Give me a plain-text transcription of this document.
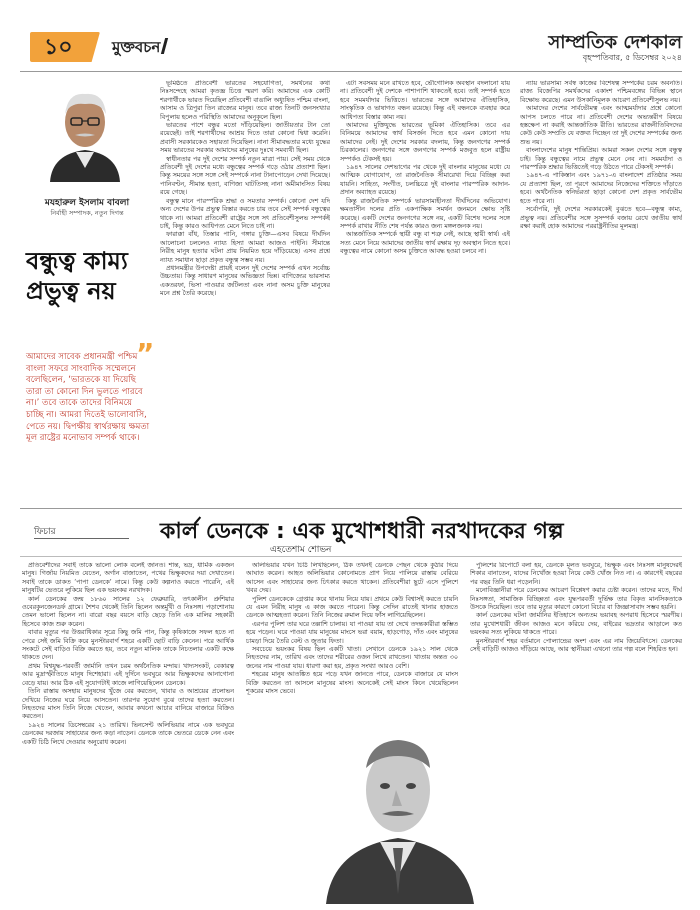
১০	মুক্তবচন	সাম্প্রতিক দেশকাল
বৃহস্পতিবার, ৫ ডিসেম্বর ২০২৪
মযহারুল ইসলাম বাবলা
নির্বাহী সম্পাদক, নতুন দিগন্ত
বন্ধুত্ব কাম্য প্রভুত্ব নয়
”
আমাদের সাবেক প্রধানমন্ত্রী পশ্চিম বাংলা সফরে সাংবাদিক সম্মেলনে বলেছিলেন, ‘ভারতকে যা দিয়েছি তারা তা কোনো দিন ভুলতে পারবে না।’ তবে তাকে তাদের বিনিময়ে চাচ্ছি না। আমরা দিতেই ভালোবাসি, পেতে নয়। দ্বিপক্ষীয় স্বার্থরক্ষায় ক্ষমতা মূল রাষ্ট্রের মনোভাব সম্পর্ক থাকে।

ভূমিষ্ঠতে প্রতিবেশী ভারতের সহযোগিতা, সমর্থনের কথা নিঃসন্দেহে আমরা কৃতজ্ঞ চিত্তে স্মরণ করি। আমাদের এক কোটি শরণার্থীকে ভারত দিয়েছিল প্রতিবেশী বাঙালি অধ্যুষিত পশ্চিম বাংলা, আসাম ও ত্রিপুরা তিন রাজ্যের মানুষ। তবে রাজ্য তিনটি জনসংখ্যার বিপুলায় হলেও পরিস্থিতি আমাদের অনুকূলে ছিল।

ভারতের পাশে বন্ধুর মতো দাঁড়িয়েছিল। জাতীয়তার টান তো রয়েছেই। তাই শরণার্থীদের আশ্রয় দিতে তারা কোনো দ্বিধা করেনি। প্রবাসী সরকারকেও সহায়তা দিয়েছিল। নানা সীমাবদ্ধতার মধ্যে যুদ্ধের সময় ভারতের সরকার আমাদের মানুষের দুঃখে সমব্যথী ছিল।

স্বাধীনতার পর দুই দেশের সম্পর্ক নতুন মাত্রা পায়। সেই সময় থেকে প্রতিবেশী দুই দেশের মধ্যে বন্ধুত্বের সম্পর্ক গড়ে ওঠার প্রত্যাশা ছিল। কিন্তু সময়ের সঙ্গে সঙ্গে সেই সম্পর্কে নানা টানাপোড়েন দেখা দিয়েছে। পানিবণ্টন, সীমান্ত হত্যা, বাণিজ্য ঘাটতিসহ নানা অমীমাংসিত বিষয় রয়ে গেছে।

বন্ধুত্ব মানে পারস্পরিক শ্রদ্ধা ও সমতার সম্পর্ক। কোনো দেশ যদি অন্য দেশের উপর প্রভুত্ব বিস্তার করতে চায় তবে সেই সম্পর্ক বন্ধুত্বের থাকে না। আমরা প্রতিবেশী রাষ্ট্রের সঙ্গে সৎ প্রতিবেশীসুলভ সম্পর্কই চাই, কিন্তু কারও আধিপত্য মেনে নিতে চাই না।

ফারাক্কা বাঁধ, তিস্তার পানি, গঙ্গার চুক্তি—এসব বিষয়ে দীর্ঘদিন আলোচনা চললেও ন্যায্য হিস্যা আমরা আজও পাইনি। সীমান্তে নিরীহ মানুষ হত্যার ঘটনা প্রায় নিয়মিত হয়ে দাঁড়িয়েছে। এসব প্রশ্নে ন্যায্য সমাধান ছাড়া প্রকৃত বন্ধুত্ব সম্ভব নয়।

প্রধানমন্ত্রীর উপদেষ্টা প্রায়ই বলেন দুই দেশের সম্পর্ক এখন সর্বোচ্চ উচ্চতায়। কিন্তু সাধারণ মানুষের অভিজ্ঞতা ভিন্ন। বাণিজ্যের ভারসাম্য একতরফা, ভিসা পাওয়ার জটিলতা এবং নানা অসম চুক্তি মানুষের মনে প্রশ্ন তৈরি করেছে।

এটা সবসময় মনে রাখতে হবে, ভৌগোলিক অবস্থান বদলানো যায় না। প্রতিবেশী দুই দেশকে পাশাপাশি থাকতেই হবে। তাই সম্পর্ক হতে হবে সমমর্যাদার ভিত্তিতে। ভারতের সঙ্গে আমাদের ঐতিহাসিক, সাংস্কৃতিক ও ভাষাগত বন্ধন রয়েছে। কিন্তু এই বন্ধনকে ব্যবহার করে আধিপত্য বিস্তার কাম্য নয়।

আমাদের মুক্তিযুদ্ধে ভারতের ভূমিকা ঐতিহাসিক। তবে এর বিনিময়ে আমাদের স্বার্থ বিসর্জন দিতে হবে এমন কোনো দায় আমাদের নেই। দুই দেশের সরকার বদলায়, কিন্তু জনগণের সম্পর্ক চিরকালের। জনগণের সঙ্গে জনগণের সম্পর্ক মজবুত হলে রাষ্ট্রীয় সম্পর্কও টেকসই হয়।

১৯৪৭ সালের দেশভাগের পর থেকে দুই বাংলার মানুষের মধ্যে যে আত্মিক যোগাযোগ, তা রাজনৈতিক সীমারেখা দিয়ে বিচ্ছিন্ন করা যায়নি। সাহিত্য, সংগীত, চলচ্চিত্রে দুই বাংলার পারস্পরিক আদান-প্রদান অব্যাহত রয়েছে।

কিন্তু রাজনৈতিক সম্পর্কে ভারসাম্যহীনতা দীর্ঘদিনের অভিযোগ। ক্ষমতাসীন দলের প্রতি একপাক্ষিক সমর্থন জনমনে ক্ষোভ সৃষ্টি করেছে। একটি দেশের জনগণের সঙ্গে নয়, একটি বিশেষ দলের সঙ্গে সম্পর্ক রাখার নীতি শেষ পর্যন্ত কারও জন্য মঙ্গলজনক নয়।

আন্তর্জাতিক সম্পর্কে স্থায়ী বন্ধু বা শত্রু নেই, আছে স্থায়ী স্বার্থ। এই সত্য মেনে নিয়ে আমাদের জাতীয় স্বার্থ রক্ষায় দৃঢ় অবস্থান নিতে হবে। বন্ধুত্বের নামে কোনো অসম চুক্তিতে আবদ্ধ হওয়া চলবে না।

ন্যায় ভারসাম্য সর্বস্ব কাজের বিশেষত্ব সম্পর্কের চরম অবনতি। রাজ্য বিজেপির সমর্থকদের একাংশ পশ্চিমবঙ্গের বিভিন্ন স্থানে বিক্ষোভ করেছে। এমন উসকানিমূলক আচরণ প্রতিবেশীসুলভ নয়।

আমাদের দেশের সার্বভৌমত্ব এবং আত্মমর্যাদার প্রশ্নে কোনো আপস চলতে পারে না। প্রতিবেশী দেশের অভ্যন্তরীণ বিষয়ে হস্তক্ষেপ না করাই আন্তর্জাতিক রীতি। ভারতের রাজনীতিবিদদের কেউ কেউ সম্প্রতি যে বক্তব্য দিচ্ছেন তা দুই দেশের সম্পর্কের জন্য শুভ নয়।

বাংলাদেশের মানুষ শান্তিপ্রিয়। আমরা সকল দেশের সঙ্গে বন্ধুত্ব চাই। কিন্তু বন্ধুত্বের নামে প্রভুত্ব মেনে নেব না। সমমর্যাদা ও পারস্পরিক শ্রদ্ধার ভিত্তিতেই গড়ে উঠতে পারে টেকসই সম্পর্ক।

১৯৪৭-এ পাকিস্তান এবং ১৯৭১-এ বাংলাদেশ প্রতিষ্ঠার সময় যে প্রত্যাশা ছিল, তা পূরণে আমাদের নিজেদের শক্তিতে দাঁড়াতে হবে। অর্থনৈতিক স্বনির্ভরতা ছাড়া কোনো দেশ প্রকৃত সার্বভৌম হতে পারে না।

সর্বোপরি, দুই দেশের সরকারকেই বুঝতে হবে—বন্ধুত্ব কাম্য, প্রভুত্ব নয়। প্রতিবেশীর সঙ্গে সুসম্পর্ক বজায় রেখে জাতীয় স্বার্থ রক্ষা করাই হোক আমাদের পররাষ্ট্রনীতির মূলমন্ত্র।

ফিচার	কার্ল ডেনকে : এক মুখোশধারী নরখাদকের গল্প
এহতেশাম শোভন

প্রতিবেশীদের সবাই তাকে ভালো লোক বলেই জানত। শান্ত, ভদ্র, ধার্মিক একজন মানুষ। গির্জায় নিয়মিত যেতেন, অর্গান বাজাতেন, পথের ভিক্ষুকদের দয়া দেখাতেন। সবাই তাকে ডাকত ‘পাপা ডেনকে’ নামে। কিন্তু কেউ কল্পনাও করতে পারেনি, এই মানুষটির ভেতরে লুকিয়ে ছিল এক ভয়ংকর নরখাদক।

কার্ল ডেনকের জন্ম ১৮৬০ সালের ১২ ফেব্রুয়ারি, তৎকালীন প্রুশিয়ার ওবেরকুনজেনডর্ফ গ্রামে। শৈশব থেকেই তিনি ছিলেন অন্তর্মুখী ও নিঃসঙ্গ। পড়াশোনায় তেমন ভালো ছিলেন না। বারো বছর বয়সে বাড়ি ছেড়ে তিনি এক মালির সহকারী হিসেবে কাজ শুরু করেন।

বাবার মৃত্যুর পর উত্তরাধিকার সূত্রে কিছু জমি পান, কিন্তু কৃষিকাজে সফল হতে না পেরে সেই জমি বিক্রি করে মুনস্টারবার্গ শহরে একটি ছোট বাড়ি কেনেন। পরে আর্থিক সংকটে সেই বাড়িও বিক্রি করতে হয়, তবে নতুন মালিক তাকে নিচতলার একটি কক্ষে থাকতে দেন।

প্রথম বিশ্বযুদ্ধ-পরবর্তী জার্মানি তখন চরম অর্থনৈতিক মন্দায়। খাদ্যসংকট, বেকারত্ব আর মুদ্রাস্ফীতিতে মানুষ দিশেহারা। এই দুর্দিনে ভবঘুরে আর ভিক্ষুকদের আনাগোনা বেড়ে যায়। আর ঠিক এই সুযোগটাই কাজে লাগিয়েছিলেন ডেনকে।

তিনি রাস্তায় অসহায় মানুষদের খুঁজে বের করতেন, খাবার ও আশ্রয়ের প্রলোভন দেখিয়ে নিজের ঘরে নিয়ে আসতেন। তারপর সুযোগ বুঝে তাদের হত্যা করতেন। নিহতদের মাংস তিনি নিজে খেতেন, আবার কখনো আচার বানিয়ে বাজারে বিক্রিও করতেন।

১৯২৪ সালের ডিসেম্বরের ২১ তারিখ। ভিনসেন্ট অলিভিয়ার নামে এক ভবঘুরে ডেনকের দরজায় সাহায্যের জন্য কড়া নাড়েন। ডেনকে তাকে ভেতরে ডেকে নেন এবং একটি চিঠি লিখে দেওয়ার অনুরোধ করেন।

অলিভিয়ার যখন চিঠি লিখছিলেন, ঠিক তখনই ডেনকে পেছন থেকে কুঠার দিয়ে আঘাত করেন। আহত অলিভিয়ার কোনোমতে প্রাণ নিয়ে পালিয়ে রাস্তায় বেরিয়ে আসেন এবং সাহায্যের জন্য চিৎকার করতে থাকেন। প্রতিবেশীরা ছুটে এসে পুলিশে খবর দেয়।

পুলিশ ডেনকেকে গ্রেপ্তার করে থানায় নিয়ে যায়। প্রথমে কেউ বিশ্বাসই করতে চায়নি যে এমন নিরীহ মানুষ এ কাজ করতে পারেন। কিন্তু সেদিন রাতেই থানার হাজতে ডেনকে আত্মহত্যা করেন। তিনি নিজের রুমাল দিয়ে ফাঁস লাগিয়েছিলেন।

এরপর পুলিশ তার ঘরে তল্লাশি চালায়। যা পাওয়া যায় তা দেখে তদন্তকারীরা স্তম্ভিত হয়ে পড়েন। ঘরে পাওয়া যায় মানুষের মাংসে ভরা বয়াম, হাড়গোড়, দাঁত এবং মানুষের চামড়া দিয়ে তৈরি বেল্ট ও জুতার ফিতা।

সবচেয়ে ভয়ংকর বিষয় ছিল একটি খাতা। সেখানে ডেনকে ১৯২১ সাল থেকে নিহতদের নাম, তারিখ এবং তাদের শরীরের ওজন লিখে রাখতেন। খাতায় অন্তত ৩০ জনের নাম পাওয়া যায়। ধারণা করা হয়, প্রকৃত সংখ্যা আরও বেশি।

শহরের মানুষ আতঙ্কিত হয়ে পড়ে যখন জানতে পারে, ডেনকে বাজারে যে মাংস বিক্রি করতেন তা আসলে মানুষের মাংস। অনেকেই সেই মাংস কিনে খেয়েছিলেন শূকরের মাংস ভেবে।

পুলিশের রিপোর্টে বলা হয়, ডেনকে মূলত ভবঘুরে, ভিক্ষুক এবং নিঃসঙ্গ মানুষদেরই শিকার বানাতেন, যাদের নিখোঁজ হওয়া নিয়ে কেউ খোঁজ নিত না। এ কারণেই বছরের পর বছর তিনি ধরা পড়েননি।

মনোবিজ্ঞানীরা পরে ডেনকের আচরণ বিশ্লেষণ করার চেষ্টা করেন। তাদের মতে, দীর্ঘ নিঃসঙ্গতা, সামাজিক বিচ্ছিন্নতা এবং যুদ্ধপরবর্তী দুর্ভিক্ষ তার বিকৃত মানসিকতাকে উসকে দিয়েছিল। তবে তার মৃত্যুর কারণে কোনো বিচার বা জিজ্ঞাসাবাদ সম্ভব হয়নি।

কার্ল ডেনকের ঘটনা জার্মানির ইতিহাসে অন্যতম ভয়াবহ অপরাধ হিসেবে স্মরণীয়। তার মুখোশধারী জীবন আজও মনে করিয়ে দেয়, বাইরের ভদ্রতার আড়ালে কত ভয়ংকর সত্য লুকিয়ে থাকতে পারে।

মুনস্টারবার্গ শহর বর্তমানে পোল্যান্ডের অংশ এবং এর নাম জিয়েবিৎসে। ডেনকের সেই বাড়িটি আজও দাঁড়িয়ে আছে, আর স্থানীয়রা এখনো তার গল্প বলে শিহরিত হন।
